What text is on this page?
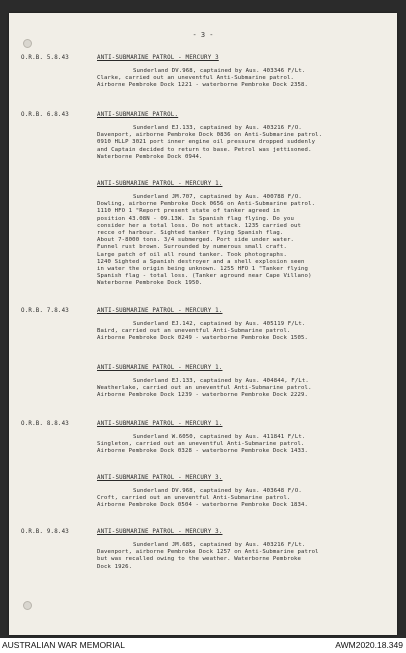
- 3 -
O.R.B. 5.8.43	ANTI-SUBMARINE PATROL - MERCURY 3
Sunderland DV.968, captained by Aus. 403346 F/Lt.
Clarke, carried out an uneventful Anti-Submarine patrol.
Airborne Pembroke Dock 1221 - waterborne Pembroke Dock 2358.
O.R.B. 6.8.43	ANTI-SUBMARINE PATROL.
Sunderland EJ.133, captained by Aus. 403216 F/O.
Davenport, airborne Pembroke Dock 0836 on Anti-Submarine patrol.
0910 HLLP 3021 port inner engine oil pressure dropped suddenly
and Captain decided to return to base. Petrol was jettisoned.
Waterborne Pembroke Dock 0944.
ANTI-SUBMARINE PATROL - MERCURY 1.
Sunderland JM.707, captained by Aus. 400788 F/O.
Dowling, airborne Pembroke Dock 0656 on Anti-Submarine patrol.
1110 HFO 1 "Report present state of tanker agreed in
position 43.08N - 09.13W. Is Spanish flag flying. Do you
consider her a total loss. Do not attack. 1235 carried out
recce of harbour. Sighted tanker flying Spanish flag.
About 7-8000 tons. 3/4 submerged. Port side under water.
Funnel rust brown. Surrounded by numerous small craft.
Large patch of oil all round tanker. Took photographs.
1240 Sighted a Spanish destroyer and a shell explosion seen
in water the origin being unknown. 1255 HFO 1 "Tanker flying
Spanish flag - total loss. (Tanker aground near Cape Villano)
Waterborne Pembroke Dock 1950.
O.R.B. 7.8.43	ANTI-SUBMARINE PATROL - MERCURY 1.
Sunderland EJ.142, captained by Aus. 405119 F/Lt.
Baird, carried out an uneventful Anti-Submarine patrol.
Airborne Pembroke Dock 0249 - waterborne Pembroke Dock 1505.
ANTI-SUBMARINE PATROL - MERCURY 1.
Sunderland EJ.133, captained by Aus. 404844, F/Lt.
Weatherlake, carried out an uneventful Anti-Submarine patrol.
Airborne Pembroke Dock 1239 - waterborne Pembroke Dock 2229.
O.R.B. 8.8.43	ANTI-SUBMARINE PATROL - MERCURY 1.
Sunderland W.6050, captained by Aus. 411841 F/Lt.
Singleton, carried out an uneventful Anti-Submarine patrol.
Airborne Pembroke Dock 0328 - waterborne Pembroke Dock 1433.
ANTI-SUBMARINE PATROL - MERCURY 3.
Sunderland DV.968, captained by Aus. 403648 F/O.
Croft, carried out an uneventful Anti-Submarine patrol.
Airborne Pembroke Dock 0504 - waterborne Pembroke Dock 1834.
O.R.B. 9.8.43	ANTI-SUBMARINE PATROL - MERCURY 3.
Sunderland JM.685, captained by Aus. 403216 F/Lt.
Davenport, airborne Pembroke Dock 1257 on Anti-Submarine patrol
but was recalled owing to the weather. Waterborne Pembroke
Dock 1926.
AUSTRALIAN WAR MEMORIAL	AWM2020.18.349
